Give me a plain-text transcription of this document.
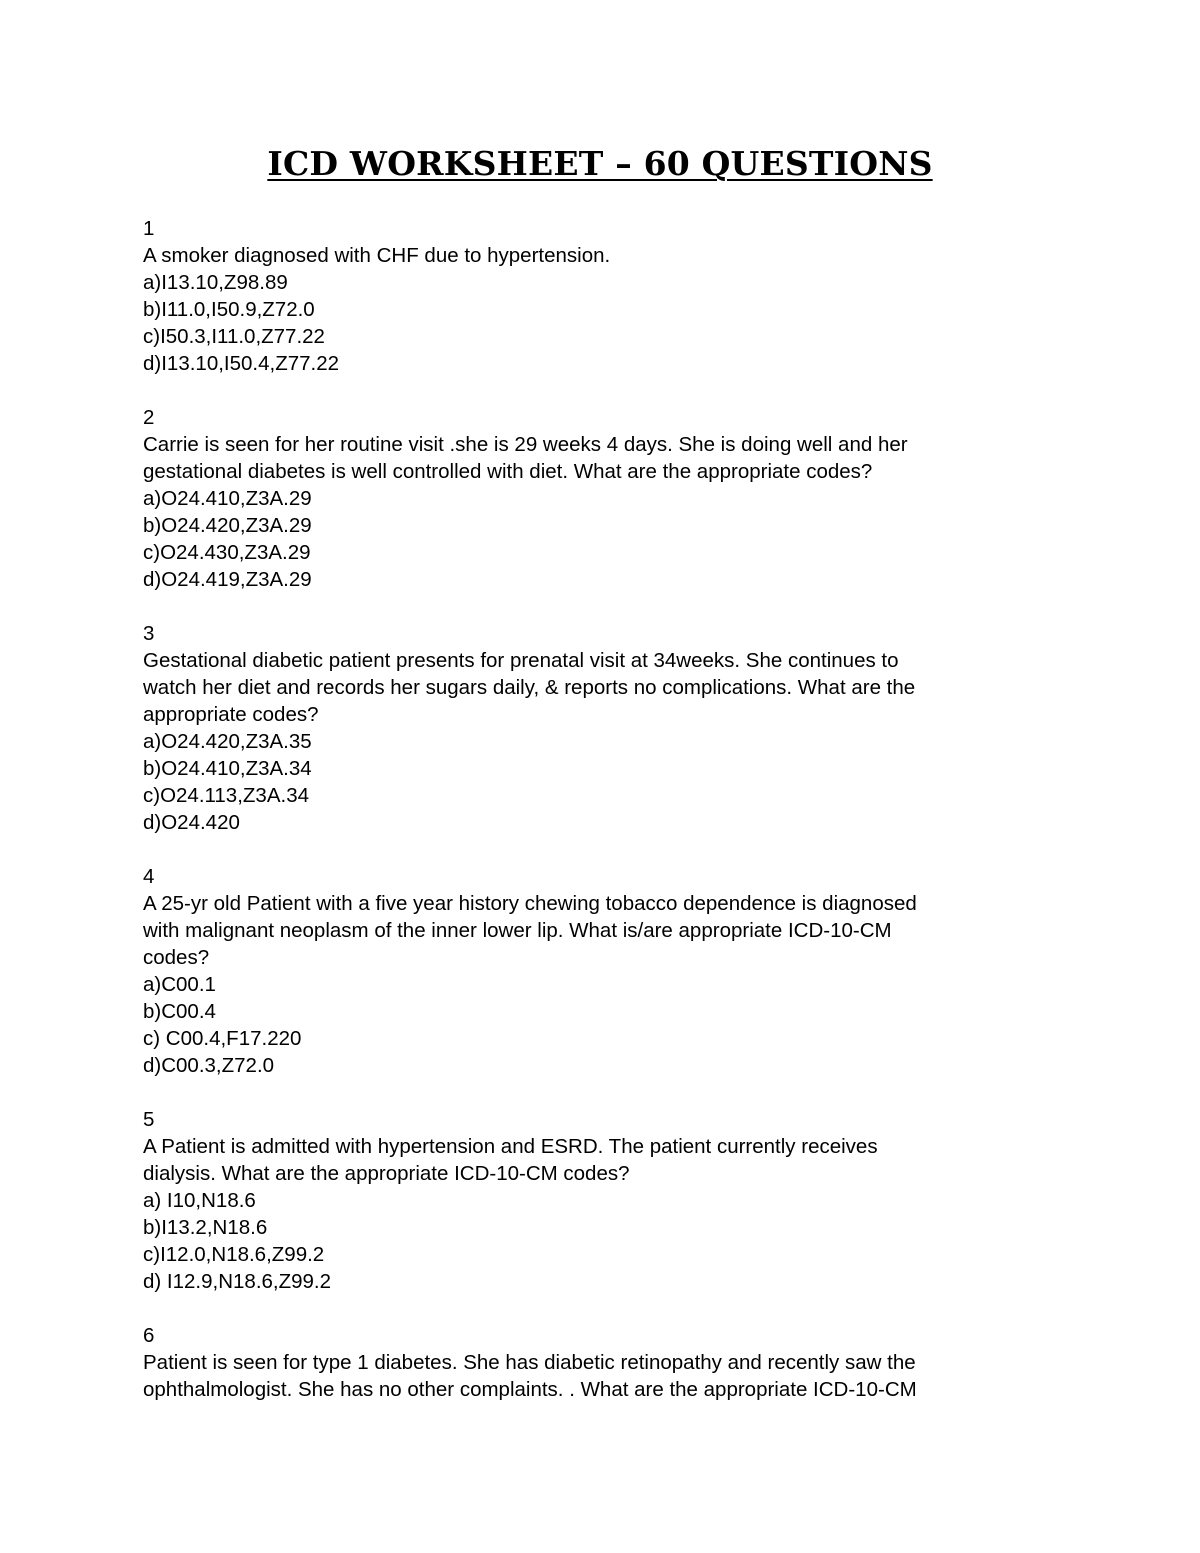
ICD WORKSHEET – 60 QUESTIONS

1

A smoker diagnosed with CHF due to hypertension.

a)I13.10,Z98.89

b)I11.0,I50.9,Z72.0

c)I50.3,I11.0,Z77.22

d)I13.10,I50.4,Z77.22

2

Carrie is seen for her routine visit .she is 29 weeks 4 days. She is doing well and her

gestational diabetes is well controlled with diet. What are the appropriate codes?

a)O24.410,Z3A.29

b)O24.420,Z3A.29

c)O24.430,Z3A.29

d)O24.419,Z3A.29

3

Gestational diabetic patient presents for prenatal visit at 34weeks. She continues to

watch her diet and records her sugars daily, & reports no complications. What are the

appropriate codes?

a)O24.420,Z3A.35

b)O24.410,Z3A.34

c)O24.113,Z3A.34

d)O24.420

4

A 25-yr old Patient with a five year history chewing tobacco dependence is diagnosed

with malignant neoplasm of the inner lower lip. What is/are appropriate ICD-10-CM

codes?

a)C00.1

b)C00.4

c) C00.4,F17.220

d)C00.3,Z72.0

5

A Patient is admitted with hypertension and ESRD. The patient currently receives

dialysis. What are the appropriate ICD-10-CM codes?

a) I10,N18.6

b)I13.2,N18.6

c)I12.0,N18.6,Z99.2

d) I12.9,N18.6,Z99.2

6

Patient is seen for type 1 diabetes. She has diabetic retinopathy and recently saw the

ophthalmologist. She has no other complaints. . What are the appropriate ICD-10-CM
